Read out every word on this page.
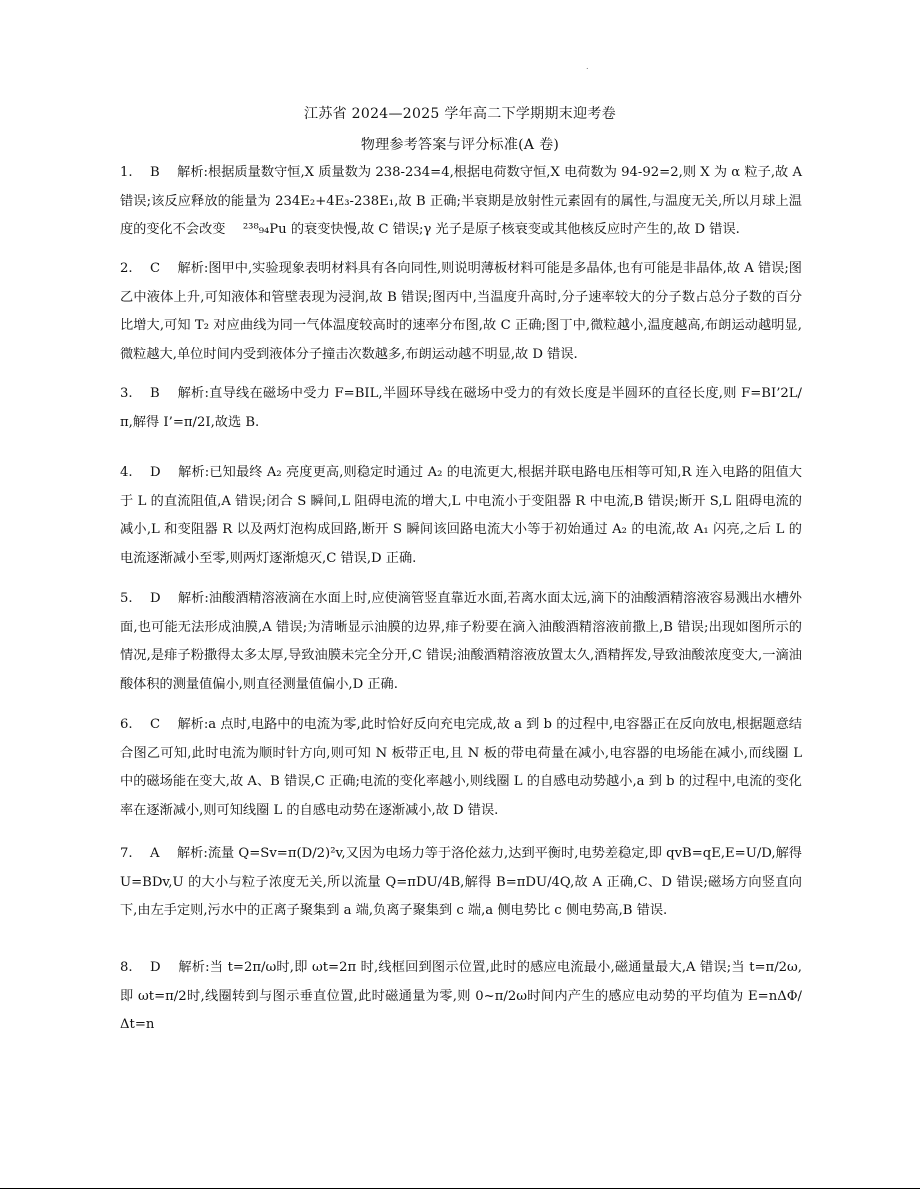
.
江苏省 2024—2025 学年高二下学期期末迎考卷
物理参考答案与评分标准(A 卷)
1. B 　解析:根据质量数守恒,X 质量数为 238-234=4,根据电荷数守恒,X 电荷数为 94-92=2,则 X 为 α 粒子,故 A 错误;该反应释放的能量为 234E₂+4E₃-238E₁,故 B 正确;半衰期是放射性元素固有的属性,与温度无关,所以月球上温度的变化不会改变 　²³⁸₉₄Pu 的衰变快慢,故 C 错误;γ 光子是原子核衰变或其他核反应时产生的,故 D 错误.
2. C 　解析:图甲中,实验现象表明材料具有各向同性,则说明薄板材料可能是多晶体,也有可能是非晶体,故 A 错误;图乙中液体上升,可知液体和管壁表现为浸润,故 B 错误;图丙中,当温度升高时,分子速率较大的分子数占总分子数的百分比增大,可知 T₂ 对应曲线为同一气体温度较高时的速率分布图,故 C 正确;图丁中,微粒越小,温度越高,布朗运动越明显,微粒越大,单位时间内受到液体分子撞击次数越多,布朗运动越不明显,故 D 错误.
3. B 　解析:直导线在磁场中受力 F=BIL,半圆环导线在磁场中受力的有效长度是半圆环的直径长度,则 F=BI’2L/π,解得 I’=π/2I,故选 B.
4. D 　解析:已知最终 A₂ 亮度更高,则稳定时通过 A₂ 的电流更大,根据并联电路电压相等可知,R 连入电路的阻值大于 L 的直流阻值,A 错误;闭合 S 瞬间,L 阻碍电流的增大,L 中电流小于变阻器 R 中电流,B 错误;断开 S,L 阻碍电流的减小,L 和变阻器 R 以及两灯泡构成回路,断开 S 瞬间该回路电流大小等于初始通过 A₂ 的电流,故 A₁ 闪亮,之后 L 的电流逐渐减小至零,则两灯逐渐熄灭,C 错误,D 正确.
5. D 　解析:油酸酒精溶液滴在水面上时,应使滴管竖直靠近水面,若离水面太远,滴下的油酸酒精溶液容易溅出水槽外面,也可能无法形成油膜,A 错误;为清晰显示油膜的边界,痱子粉要在滴入油酸酒精溶液前撒上,B 错误;出现如图所示的情况,是痱子粉撒得太多太厚,导致油膜未完全分开,C 错误;油酸酒精溶液放置太久,酒精挥发,导致油酸浓度变大,一滴油酸体积的测量值偏小,则直径测量值偏小,D 正确.
6. C 　解析:a 点时,电路中的电流为零,此时恰好反向充电完成,故 a 到 b 的过程中,电容器正在反向放电,根据题意结合图乙可知,此时电流为顺时针方向,则可知 N 板带正电,且 N 板的带电荷量在减小,电容器的电场能在减小,而线圈 L 中的磁场能在变大,故 A、B 错误,C 正确;电流的变化率越小,则线圈 L 的自感电动势越小,a 到 b 的过程中,电流的变化率在逐渐减小,则可知线圈 L 的自感电动势在逐渐减小,故 D 错误.
7. A 　解析:流量 Q=Sv=π(D/2)²v,又因为电场力等于洛伦兹力,达到平衡时,电势差稳定,即 qvB=qE,E=U/D,解得 U=BDv,U 的大小与粒子浓度无关,所以流量 Q=πDU/4B,解得 B=πDU/4Q,故 A 正确,C、D 错误;磁场方向竖直向下,由左手定则,污水中的正离子聚集到 a 端,负离子聚集到 c 端,a 侧电势比 c 侧电势高,B 错误.
8. D 　解析:当 t=2π/ω时,即 ωt=2π 时,线框回到图示位置,此时的感应电流最小,磁通量最大,A 错误;当 t=π/2ω,即 ωt=π/2时,线圈转到与图示垂直位置,此时磁通量为零,则 0~π/2ω时间内产生的感应电动势的平均值为 E=nΔΦ/Δt=n
